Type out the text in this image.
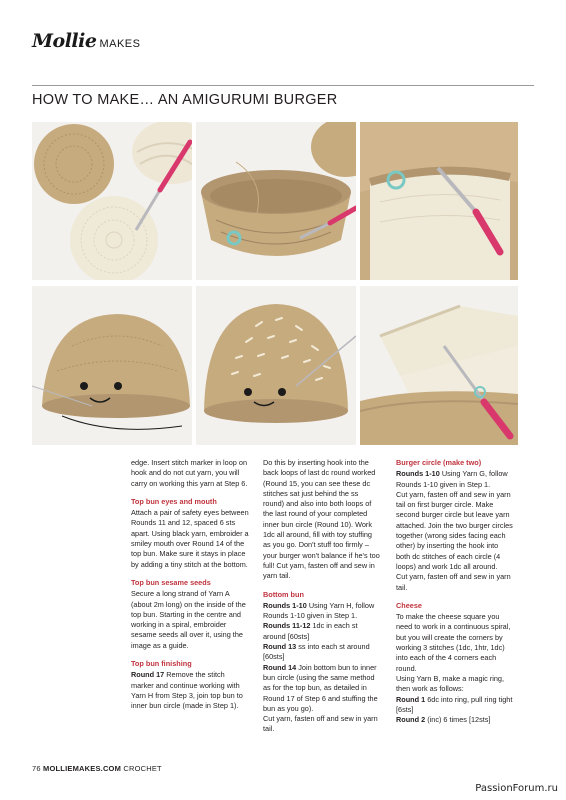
Mollie MAKES
HOW TO MAKE… AN AMIGURUMI BURGER

edge. Insert stitch marker in loop on hook and do not cut yarn, you will carry on working this yarn at Step 6.

Top bun eyes and mouth

Attach a pair of safety eyes between Rounds 11 and 12, spaced 6 sts apart. Using black yarn, embroider a smiley mouth over Round 14 of the top bun. Make sure it stays in place by adding a tiny stitch at the bottom.

Top bun sesame seeds

Secure a long strand of Yarn A (about 2m long) on the inside of the top bun. Starting in the centre and working in a spiral, embroider sesame seeds all over it, using the image as a guide.

Top bun finishing

Round 17 Remove the stitch marker and continue working with Yarn H from Step 3, join top bun to inner bun circle (made in Step 1).

Do this by inserting hook into the back loops of last dc round worked (Round 15, you can see these dc stitches sat just behind the ss round) and also into both loops of the last round of your completed inner bun circle (Round 10). Work 1dc all around, fill with toy stuffing as you go. Don't stuff too firmly – your burger won't balance if he's too full! Cut yarn, fasten off and sew in yarn tail.

Bottom bun

Rounds 1-10 Using Yarn H, follow Rounds 1-10 given in Step 1.

Rounds 11-12 1dc in each st around [60sts]

Round 13 ss into each st around [60sts]

Round 14 Join bottom bun to inner bun circle (using the same method as for the top bun, as detailed in Round 17 of Step 6 and stuffing the bun as you go).

Cut yarn, fasten off and sew in yarn tail.

Burger circle (make two)

Rounds 1-10 Using Yarn G, follow Rounds 1-10 given in Step 1.

Cut yarn, fasten off and sew in yarn tail on first burger circle. Make second burger circle but leave yarn attached. Join the two burger circles together (wrong sides facing each other) by inserting the hook into both dc stitches of each circle (4 loops) and work 1dc all around.

Cut yarn, fasten off and sew in yarn tail.

Cheese

To make the cheese square you need to work in a continuous spiral, but you will create the corners by working 3 stitches (1dc, 1htr, 1dc) into each of the 4 corners each round.

Using Yarn B, make a magic ring, then work as follows:

Round 1 6dc into ring, pull ring tight [6sts]

Round 2 (inc) 6 times [12sts]

76 MOLLIEMAKES.COM CROCHET
PassionForum.ru
